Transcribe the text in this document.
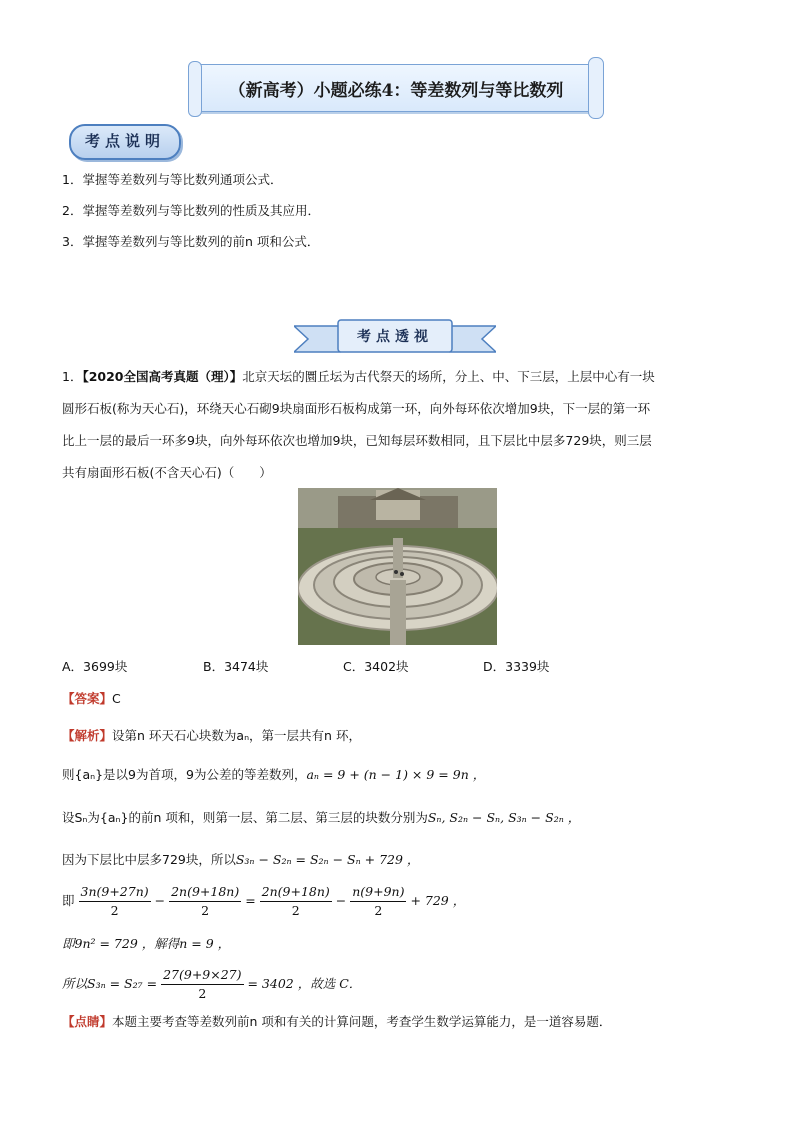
（新高考）小题必练4：等差数列与等比数列
考点说明
1．掌握等差数列与等比数列通项公式．
2．掌握等差数列与等比数列的性质及其应用．
3．掌握等差数列与等比数列的前n 项和公式．
考点透视
1．【2020全国高考真题（理）】北京天坛的圜丘坛为古代祭天的场所，分上、中、下三层，上层中心有一块
圆形石板(称为天心石)，环绕天心石砌9块扇面形石板构成第一环，向外每环依次增加9块，下一层的第一环
比上一层的最后一环多9块，向外每环依次也增加9块，已知每层环数相同，且下层比中层多729块，则三层
共有扇面形石板(不含天心石)（　　）
A．3699块	B．3474块	C．3402块	D．3339块
【答案】C
【解析】设第n 环天石心块数为aₙ，第一层共有n 环，
则{aₙ}是以9为首项，9为公差的等差数列，aₙ = 9 + (n − 1) × 9 = 9n ，
设Sₙ为{aₙ}的前n 项和，则第一层、第二层、第三层的块数分别为Sₙ, S₂ₙ − Sₙ, S₃ₙ − S₂ₙ ，
因为下层比中层多729块，所以S₃ₙ − S₂ₙ = S₂ₙ − Sₙ + 729 ，
即 $\frac{3n(9+27n)}{2} - \frac{2n(9+18n)}{2} = \frac{2n(9+18n)}{2} - \frac{n(9+9n)}{2} + 729$ ，
即9n² = 729 ，解得n = 9 ，
所以$S_{3n} = S_{27} = \frac{27(9+9\times 27)}{2} = 3402$ ，故选 C．
【点睛】本题主要考查等差数列前n 项和有关的计算问题，考查学生数学运算能力，是一道容易题．
